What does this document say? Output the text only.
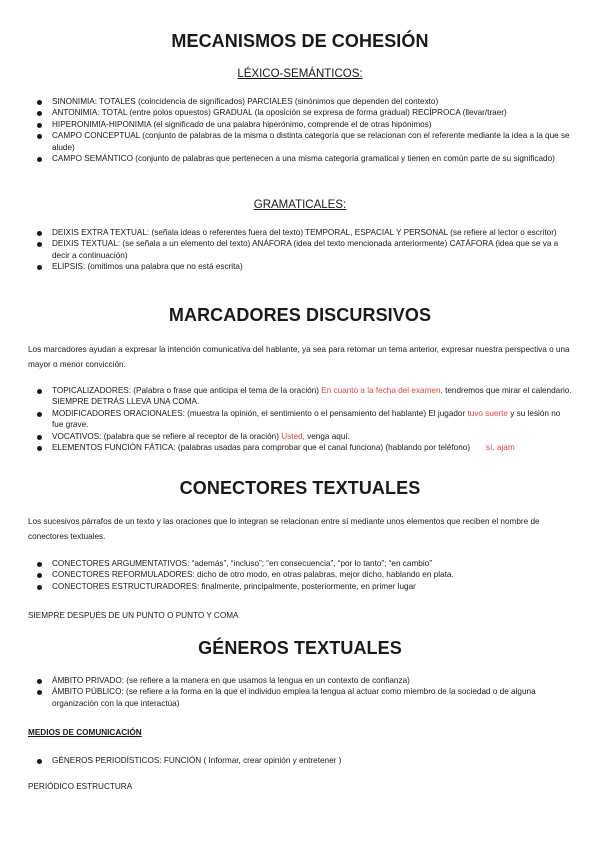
MECANISMOS DE COHESIÓN
LÉXICO-SEMÁNTICOS:
SINONIMIA: TOTALES (coincidencia de significados) PARCIALES (sinónimos que dependen del contexto)
ANTONIMIA: TOTAL (entre polos opuestos) GRADUAL (la oposición se expresa de forma gradual) RECÍPROCA (llevar/traer)
HIPERONIMIA-HIPONIMIA (el significado de una palabra hiperónimo, comprende el de otras hipónimos)
CAMPO CONCEPTUAL (conjunto de palabras de la misma o distinta categoría que se relacionan con el referente mediante la idea a la que se alude)
CAMPO SEMÁNTICO (conjunto de palabras que pertenecen a una misma categoría gramatical y tienen en común parte de su significado)
GRAMATICALES:
DEIXIS EXTRA TEXTUAL: (señala ideas o referentes fuera del texto) TEMPORAL, ESPACIAL Y PERSONAL (se refiere al lector o escritor)
DEIXIS TEXTUAL: (se señala a un elemento del texto) ANÁFORA (idea del texto mencionada anteriormente) CATÁFORA (idea que se va a decir a continuación)
ELIPSIS: (omitimos una palabra que no está escrita)
MARCADORES DISCURSIVOS
Los marcadores ayudan a expresar la intención comunicativa del hablante, ya sea para retomar un tema anterior, expresar nuestra perspectiva o una mayor o menor convicción.
TOPICALIZADORES: (Palabra o frase que anticipa el tema de la oración) En cuanto a la fecha del examen, tendremos que mirar el calendario. SIEMPRE DETRÁS LLEVA UNA COMA.
MODIFICADORES ORACIONALES: (muestra la opinión, el sentimiento o el pensamiento del hablante) El jugador tuvo suerte y su lesión no fue grave.
VOCATIVOS: (palabra que se refiere al receptor de la oración) Usted, venga aquí.
ELEMENTOS FUNCIÓN FÁTICA: (palabras usadas para comprobar que el canal funciona) (hablando por teléfono)       sí, ajam
CONECTORES TEXTUALES
Los sucesivos párrafos de un texto y las oraciones que lo integran se relacionan entre sí mediante unos elementos que reciben el nombre de conectores textuales.
CONECTORES ARGUMENTATIVOS: “además”, “incluso”; “en consecuencia”, “por lo tanto”; “en cambio”
CONECTORES REFORMULADORES: dicho de otro modo, en otras palabras, mejor dicho, hablando en plata.
CONECTORES ESTRUCTURADORES: finalmente, principalmente, posteriormente, en primer lugar
SIEMPRE DESPUÉS DE UN PUNTO O PUNTO Y COMA
GÉNEROS TEXTUALES
ÁMBITO PRIVADO: (se refiere a la manera en que usamos la lengua en un contexto de confianza)
ÁMBITO PÚBLICO: (se refiere a la forma en la que el individuo emplea la lengua al actuar como miembro de la sociedad o de alguna organización con la que interactúa)
MEDIOS DE COMUNICACIÓN
GÉNEROS PERIODÍSTICOS: FUNCIÓN ( Informar, crear opinión y entretener )
PERIÓDICO ESTRUCTURA
